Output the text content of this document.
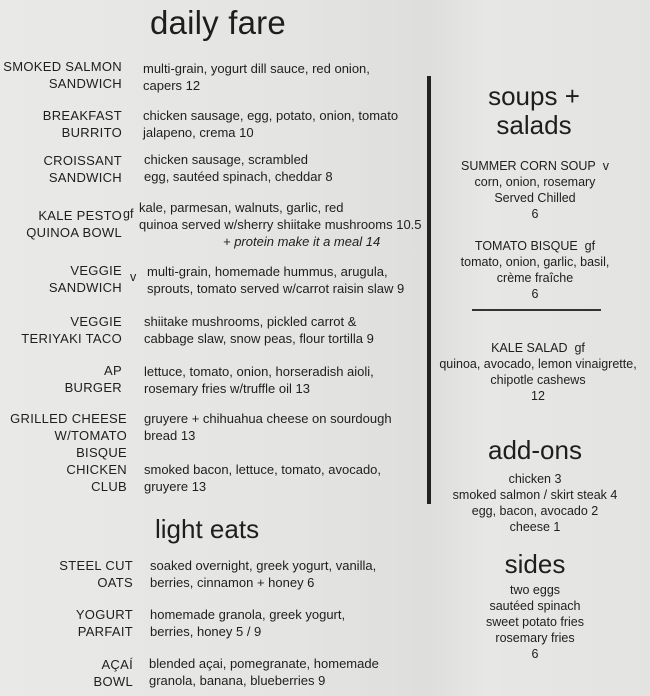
daily fare
SMOKED SALMON
SANDWICH
multi-grain, yogurt dill sauce, red onion,
capers 12
BREAKFAST
BURRITO
chicken sausage, egg, potato, onion, tomato
jalapeno, crema 10
CROISSANT
SANDWICH
chicken sausage, scrambled
egg, sautéed spinach, cheddar 8
KALE PESTO
QUINOA BOWL
gf kale, parmesan, walnuts, garlic, red
quinoa served w/sherry shiitake mushrooms 10.5
+ protein make it a meal 14
VEGGIE
SANDWICH
v multi-grain, homemade hummus, arugula,
sprouts, tomato served w/carrot raisin slaw 9
VEGGIE
TERIYAKI TACO
shiitake mushrooms, pickled carrot &
cabbage slaw, snow peas, flour tortilla 9
AP
BURGER
lettuce, tomato, onion, horseradish aioli,
rosemary fries w/truffle oil 13
GRILLED CHEESE
W/TOMATO BISQUE
gruyere + chihuahua cheese on sourdough
bread 13
CHICKEN
CLUB
smoked bacon, lettuce, tomato, avocado,
gruyere 13
light eats
STEEL CUT
OATS
soaked overnight, greek yogurt, vanilla,
berries, cinnamon + honey 6
YOGURT
PARFAIT
homemade granola, greek yogurt,
berries, honey 5 / 9
AÇAÍ
BOWL
blended açai, pomegranate, homemade
granola, banana, blueberries 9
soups +
salads
SUMMER CORN SOUP v
corn, onion, rosemary
Served Chilled
6
TOMATO BISQUE gf
tomato, onion, garlic, basil,
crème fraîche
6
KALE SALAD gf
quinoa, avocado, lemon vinaigrette,
chipotle cashews
12
add-ons
chicken 3
smoked salmon / skirt steak 4
egg, bacon, avocado 2
cheese 1
sides
two eggs
sautéed spinach
sweet potato fries
rosemary fries
6
